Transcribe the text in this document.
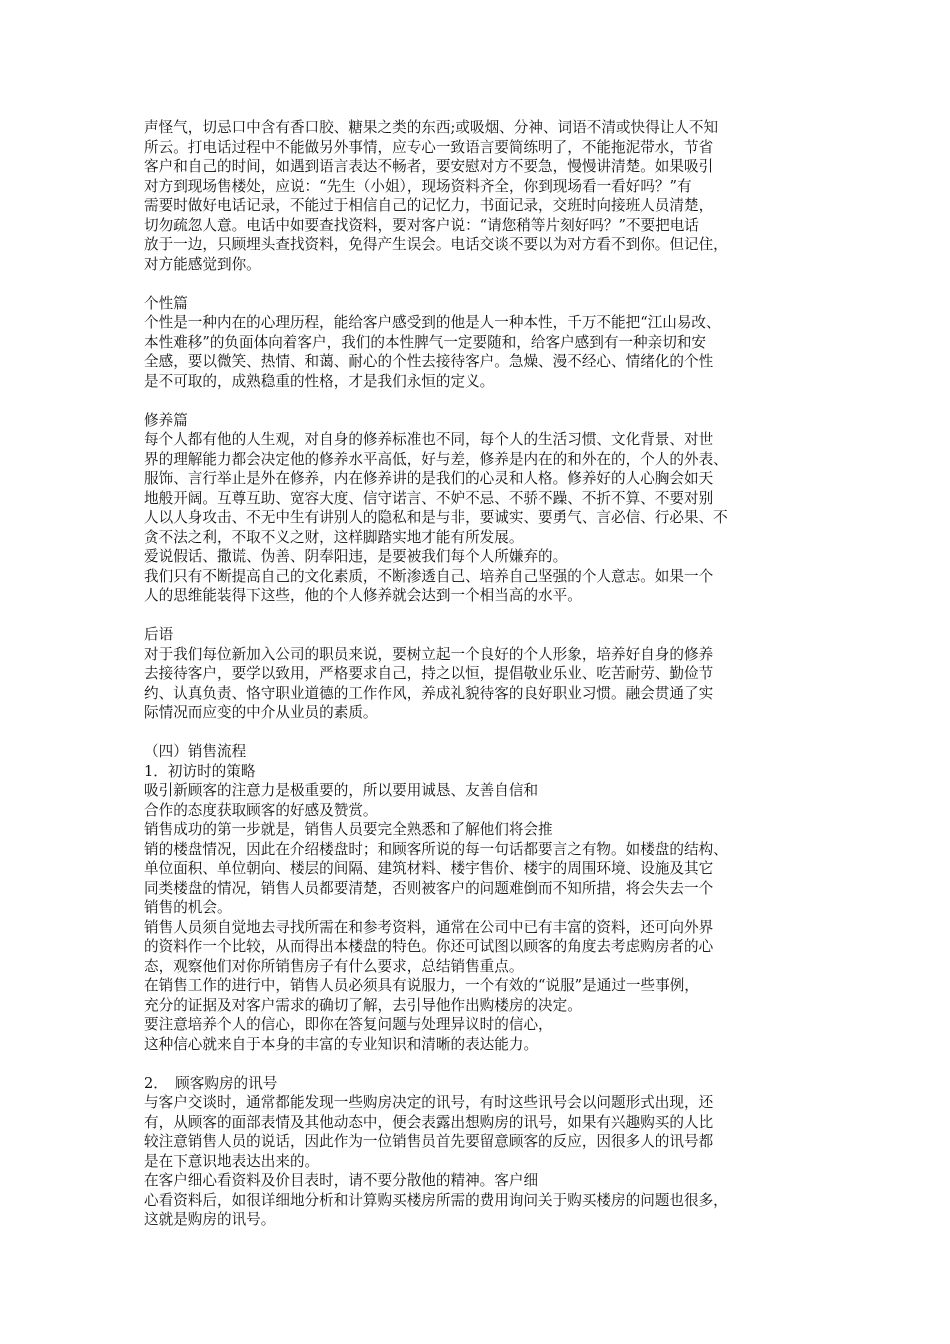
声怪气，切忌口中含有香口胶、糖果之类的东西;或吸烟、分神、词语不清或快得让人不知
所云。打电话过程中不能做另外事情，应专心一致语言要简练明了，不能拖泥带水，节省
客户和自己的时间，如遇到语言表达不畅者，要安慰对方不要急，慢慢讲清楚。如果吸引
对方到现场售楼处，应说：“先生（小姐），现场资料齐全，你到现场看一看好吗？”有
需要时做好电话记录，不能过于相信自己的记忆力，书面记录，交班时向接班人员清楚，
切勿疏忽人意。电话中如要查找资料，要对客户说：“请您稍等片刻好吗？”不要把电话
放于一边，只顾埋头查找资料，免得产生误会。电话交谈不要以为对方看不到你。但记住，
对方能感觉到你。
个性篇
个性是一种内在的心理历程，能给客户感受到的他是人一种本性，千万不能把“江山易改、
本性难移”的负面体向着客户，我们的本性脾气一定要随和，给客户感到有一种亲切和安
全感，要以微笑、热情、和蔼、耐心的个性去接待客户。急燥、漫不经心、情绪化的个性
是不可取的，成熟稳重的性格，才是我们永恒的定义。
修养篇
每个人都有他的人生观，对自身的修养标准也不同，每个人的生活习惯、文化背景、对世
界的理解能力都会决定他的修养水平高低，好与差，修养是内在的和外在的，个人的外表、
服饰、言行举止是外在修养，内在修养讲的是我们的心灵和人格。修养好的人心胸会如天
地般开阔。互尊互助、宽容大度、信守诺言、不妒不忌、不骄不躁、不折不算、不要对别
人以人身攻击、不无中生有讲别人的隐私和是与非，要诚实、要勇气、言必信、行必果、不
贪不法之利，不取不义之财，这样脚踏实地才能有所发展。
爱说假话、撒谎、伪善、阴奉阳违，是要被我们每个人所嫌弃的。
我们只有不断提高自己的文化素质，不断渗透自己、培养自己坚强的个人意志。如果一个
人的思维能装得下这些，他的个人修养就会达到一个相当高的水平。
后语
对于我们每位新加入公司的职员来说，要树立起一个良好的个人形象，培养好自身的修养
去接待客户，要学以致用，严格要求自己，持之以恒，提倡敬业乐业、吃苦耐劳、勤俭节
约、认真负责、恪守职业道德的工作作风，养成礼貌待客的良好职业习惯。融会贯通了实
际情况而应变的中介从业员的素质。
（四）销售流程
1．初访时的策略
吸引新顾客的注意力是极重要的，所以要用诚恳、友善自信和
合作的态度获取顾客的好感及赞赏。
销售成功的第一步就是，销售人员要完全熟悉和了解他们将会推
销的楼盘情况，因此在介绍楼盘时；和顾客所说的每一句话都要言之有物。如楼盘的结构、
单位面积、单位朝向、楼层的间隔、建筑材料、楼宇售价、楼宇的周围环境、设施及其它
同类楼盘的情况，销售人员都要清楚，否则被客户的问题难倒而不知所措，将会失去一个
销售的机会。
销售人员须自觉地去寻找所需在和参考资料，通常在公司中已有丰富的资料，还可向外界
的资料作一个比较，从而得出本楼盘的特色。你还可试图以顾客的角度去考虑购房者的心
态，观察他们对你所销售房子有什么要求，总结销售重点。
在销售工作的进行中，销售人员必须具有说服力，一个有效的“说服”是通过一些事例，
充分的证据及对客户需求的确切了解，去引导他作出购楼房的决定。
要注意培养个人的信心，即你在答复问题与处理异议时的信心，
这种信心就来自于本身的丰富的专业知识和清晰的表达能力。
2．　顾客购房的讯号
与客户交谈时，通常都能发现一些购房决定的讯号，有时这些讯号会以问题形式出现，还
有，从顾客的面部表情及其他动态中，便会表露出想购房的讯号，如果有兴趣购买的人比
较注意销售人员的说话，因此作为一位销售员首先要留意顾客的反应，因很多人的讯号都
是在下意识地表达出来的。
在客户细心看资料及价目表时，请不要分散他的精神。客户细
心看资料后，如很详细地分析和计算购买楼房所需的费用询问关于购买楼房的问题也很多，
这就是购房的讯号。
